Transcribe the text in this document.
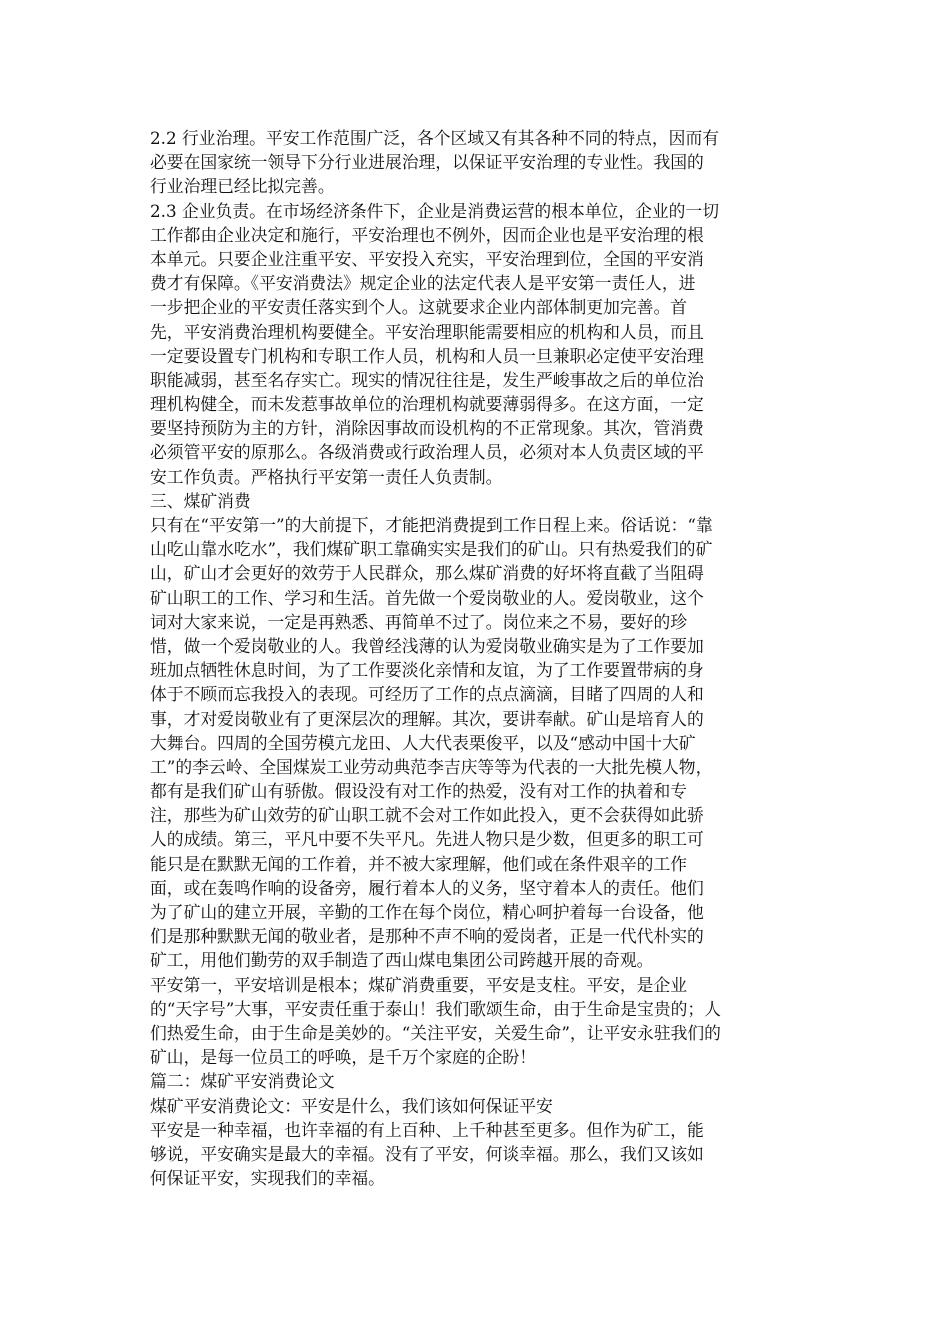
2.2 行业治理。平安工作范围广泛，各个区域又有其各种不同的特点，因而有
必要在国家统一领导下分行业进展治理，以保证平安治理的专业性。我国的
行业治理已经比拟完善。
2.3 企业负责。在市场经济条件下，企业是消费运营的根本单位，企业的一切
工作都由企业决定和施行，平安治理也不例外，因而企业也是平安治理的根
本单元。只要企业注重平安、平安投入充实，平安治理到位，全国的平安消
费才有保障。《平安消费法》规定企业的法定代表人是平安第一责任人，进
一步把企业的平安责任落实到个人。这就要求企业内部体制更加完善。首
先，平安消费治理机构要健全。平安治理职能需要相应的机构和人员，而且
一定要设置专门机构和专职工作人员，机构和人员一旦兼职必定使平安治理
职能减弱，甚至名存实亡。现实的情况往往是，发生严峻事故之后的单位治
理机构健全，而未发惹事故单位的治理机构就要薄弱得多。在这方面，一定
要坚持预防为主的方针，消除因事故而设机构的不正常现象。其次，管消费
必须管平安的原那么。各级消费或行政治理人员，必须对本人负责区域的平
安工作负责。严格执行平安第一责任人负责制。
三、煤矿消费
只有在“平安第一”的大前提下，才能把消费提到工作日程上来。俗话说：“靠
山吃山靠水吃水”，我们煤矿职工靠确实实是我们的矿山。只有热爱我们的矿
山，矿山才会更好的效劳于人民群众，那么煤矿消费的好坏将直截了当阻碍
矿山职工的工作、学习和生活。首先做一个爱岗敬业的人。爱岗敬业，这个
词对大家来说，一定是再熟悉、再简单不过了。岗位来之不易，要好的珍
惜，做一个爱岗敬业的人。我曾经浅薄的认为爱岗敬业确实是为了工作要加
班加点牺牲休息时间，为了工作要淡化亲情和友谊，为了工作要置带病的身
体于不顾而忘我投入的表现。可经历了工作的点点滴滴，目睹了四周的人和
事，才对爱岗敬业有了更深层次的理解。其次，要讲奉献。矿山是培育人的
大舞台。四周的全国劳模亢龙田、人大代表栗俊平，以及“感动中国十大矿
工”的李云岭、全国煤炭工业劳动典范李吉庆等等为代表的一大批先模人物，
都有是我们矿山有骄傲。假设没有对工作的热爱，没有对工作的执着和专
注，那些为矿山效劳的矿山职工就不会对工作如此投入，更不会获得如此骄
人的成绩。第三，平凡中要不失平凡。先进人物只是少数，但更多的职工可
能只是在默默无闻的工作着，并不被大家理解，他们或在条件艰辛的工作
面，或在轰鸣作响的设备旁，履行着本人的义务，坚守着本人的责任。他们
为了矿山的建立开展，辛勤的工作在每个岗位，精心呵护着每一台设备，他
们是那种默默无闻的敬业者，是那种不声不响的爱岗者，正是一代代朴实的
矿工，用他们勤劳的双手制造了西山煤电集团公司跨越开展的奇观。
平安第一，平安培训是根本；煤矿消费重要，平安是支柱。平安，是企业
的“天字号”大事，平安责任重于泰山！我们歌颂生命，由于生命是宝贵的；人
们热爱生命，由于生命是美妙的。“关注平安，关爱生命”，让平安永驻我们的
矿山，是每一位员工的呼唤，是千万个家庭的企盼！
篇二：煤矿平安消费论文
煤矿平安消费论文：平安是什么，我们该如何保证平安
平安是一种幸福，也许幸福的有上百种、上千种甚至更多。但作为矿工，能
够说，平安确实是最大的幸福。没有了平安，何谈幸福。那么，我们又该如
何保证平安，实现我们的幸福。
